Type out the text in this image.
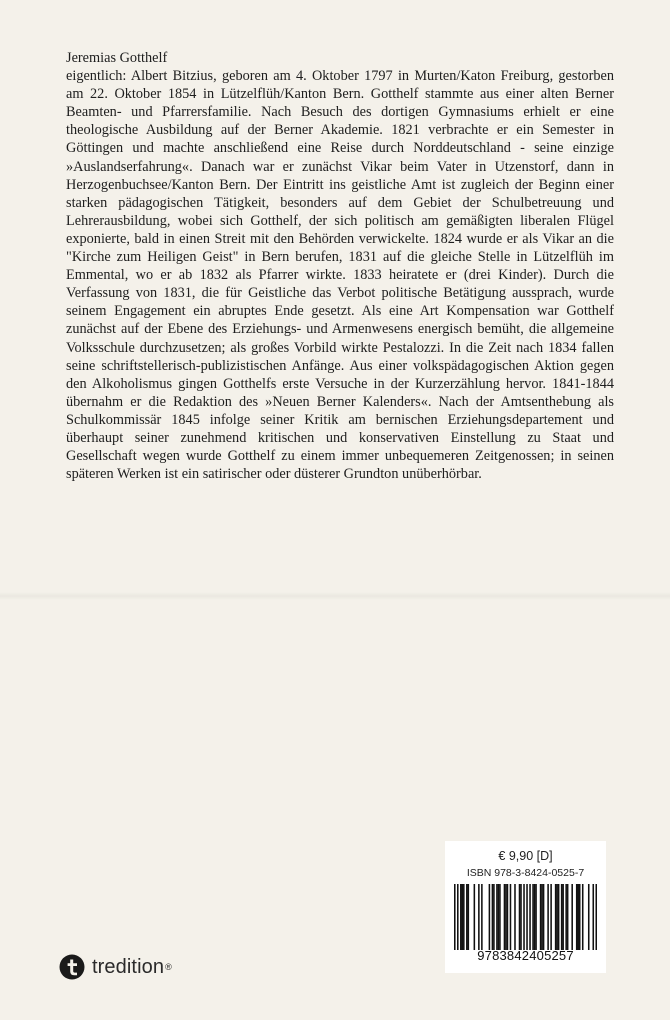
Jeremias Gotthelf

eigentlich: Albert Bitzius, geboren am 4. Oktober 1797 in Murten/Katon Freiburg, gestorben am 22. Oktober 1854 in Lützelflüh/Kanton Bern. Gotthelf stammte aus einer alten Berner Beamten- und Pfarrersfamilie. Nach Besuch des dortigen Gymnasiums erhielt er eine theologische Ausbildung auf der Berner Akademie. 1821 verbrachte er ein Semester in Göttingen und machte anschließend eine Reise durch Norddeutschland - seine einzige »Auslandserfahrung«. Danach war er zunächst Vikar beim Vater in Utzenstorf, dann in Herzogenbuchsee/Kanton Bern. Der Eintritt ins geistliche Amt ist zugleich der Beginn einer starken pädagogischen Tätigkeit, besonders auf dem Gebiet der Schulbetreuung und Lehrerausbildung, wobei sich Gotthelf, der sich politisch am gemäßigten liberalen Flügel exponierte, bald in einen Streit mit den Behörden verwickelte. 1824 wurde er als Vikar an die "Kirche zum Heiligen Geist" in Bern berufen, 1831 auf die gleiche Stelle in Lützelflüh im Emmental, wo er ab 1832 als Pfarrer wirkte. 1833 heiratete er (drei Kinder). Durch die Verfassung von 1831, die für Geistliche das Verbot politische Betätigung aussprach, wurde seinem Engagement ein abruptes Ende gesetzt. Als eine Art Kompensation war Gotthelf zunächst auf der Ebene des Erziehungs- und Armenwesens energisch bemüht, die allgemeine Volksschule durchzusetzen; als großes Vorbild wirkte Pestalozzi. In die Zeit nach 1834 fallen seine schriftstellerisch-publizistischen Anfänge. Aus einer volkspädagogischen Aktion gegen den Alkoholismus gingen Gotthelfs erste Versuche in der Kurzerzählung hervor. 1841-1844 übernahm er die Redaktion des »Neuen Berner Kalenders«. Nach der Amtsenthebung als Schulkommissär 1845 infolge seiner Kritik am bernischen Erziehungsdepartement und überhaupt seiner zunehmend kritischen und konservativen Einstellung zu Staat und Gesellschaft wegen wurde Gotthelf zu einem immer unbequemeren Zeitgenossen; in seinen späteren Werken ist ein satirischer oder düsterer Grundton unüberhörbar.

€ 9,90 [D]
ISBN 978-3-8424-0525-7
9783842405257
tredition ®
